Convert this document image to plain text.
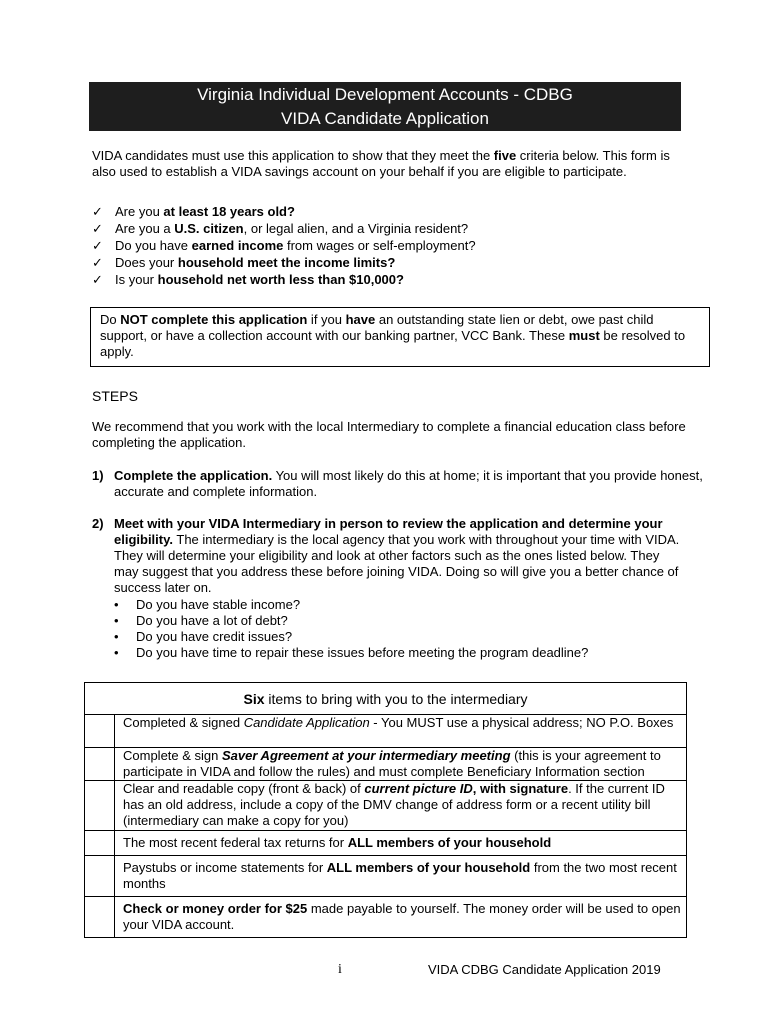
Virginia Individual Development Accounts - CDBG
VIDA Candidate Application
VIDA candidates must use this application to show that they meet the five criteria below. This form is also used to establish a VIDA savings account on your behalf if you are eligible to participate.
✓ Are you at least 18 years old?
✓ Are you a U.S. citizen, or legal alien, and a Virginia resident?
✓ Do you have earned income from wages or self-employment?
✓ Does your household meet the income limits?
✓ Is your household net worth less than $10,000?
Do NOT complete this application if you have an outstanding state lien or debt, owe past child support, or have a collection account with our banking partner, VCC Bank. These must be resolved to apply.
STEPS
We recommend that you work with the local Intermediary to complete a financial education class before completing the application.
1) Complete the application. You will most likely do this at home; it is important that you provide honest, accurate and complete information.
2) Meet with your VIDA Intermediary in person to review the application and determine your eligibility. The intermediary is the local agency that you work with throughout your time with VIDA. They will determine your eligibility and look at other factors such as the ones listed below. They may suggest that you address these before joining VIDA. Doing so will give you a better chance of success later on.
• Do you have stable income?
• Do you have a lot of debt?
• Do you have credit issues?
• Do you have time to repair these issues before meeting the program deadline?
Six items to bring with you to the intermediary	
	Completed & signed Candidate Application - You MUST use a physical address; NO P.O. Boxes
	Complete & sign Saver Agreement at your intermediary meeting (this is your agreement to participate in VIDA and follow the rules) and must complete Beneficiary Information section
	Clear and readable copy (front & back) of current picture ID, with signature. If the current ID has an old address, include a copy of the DMV change of address form or a recent utility bill (intermediary can make a copy for you)
	The most recent federal tax returns for ALL members of your household
	Paystubs or income statements for ALL members of your household from the two most recent months
	Check or money order for $25 made payable to yourself. The money order will be used to open your VIDA account.
i	VIDA CDBG Candidate Application 2019
